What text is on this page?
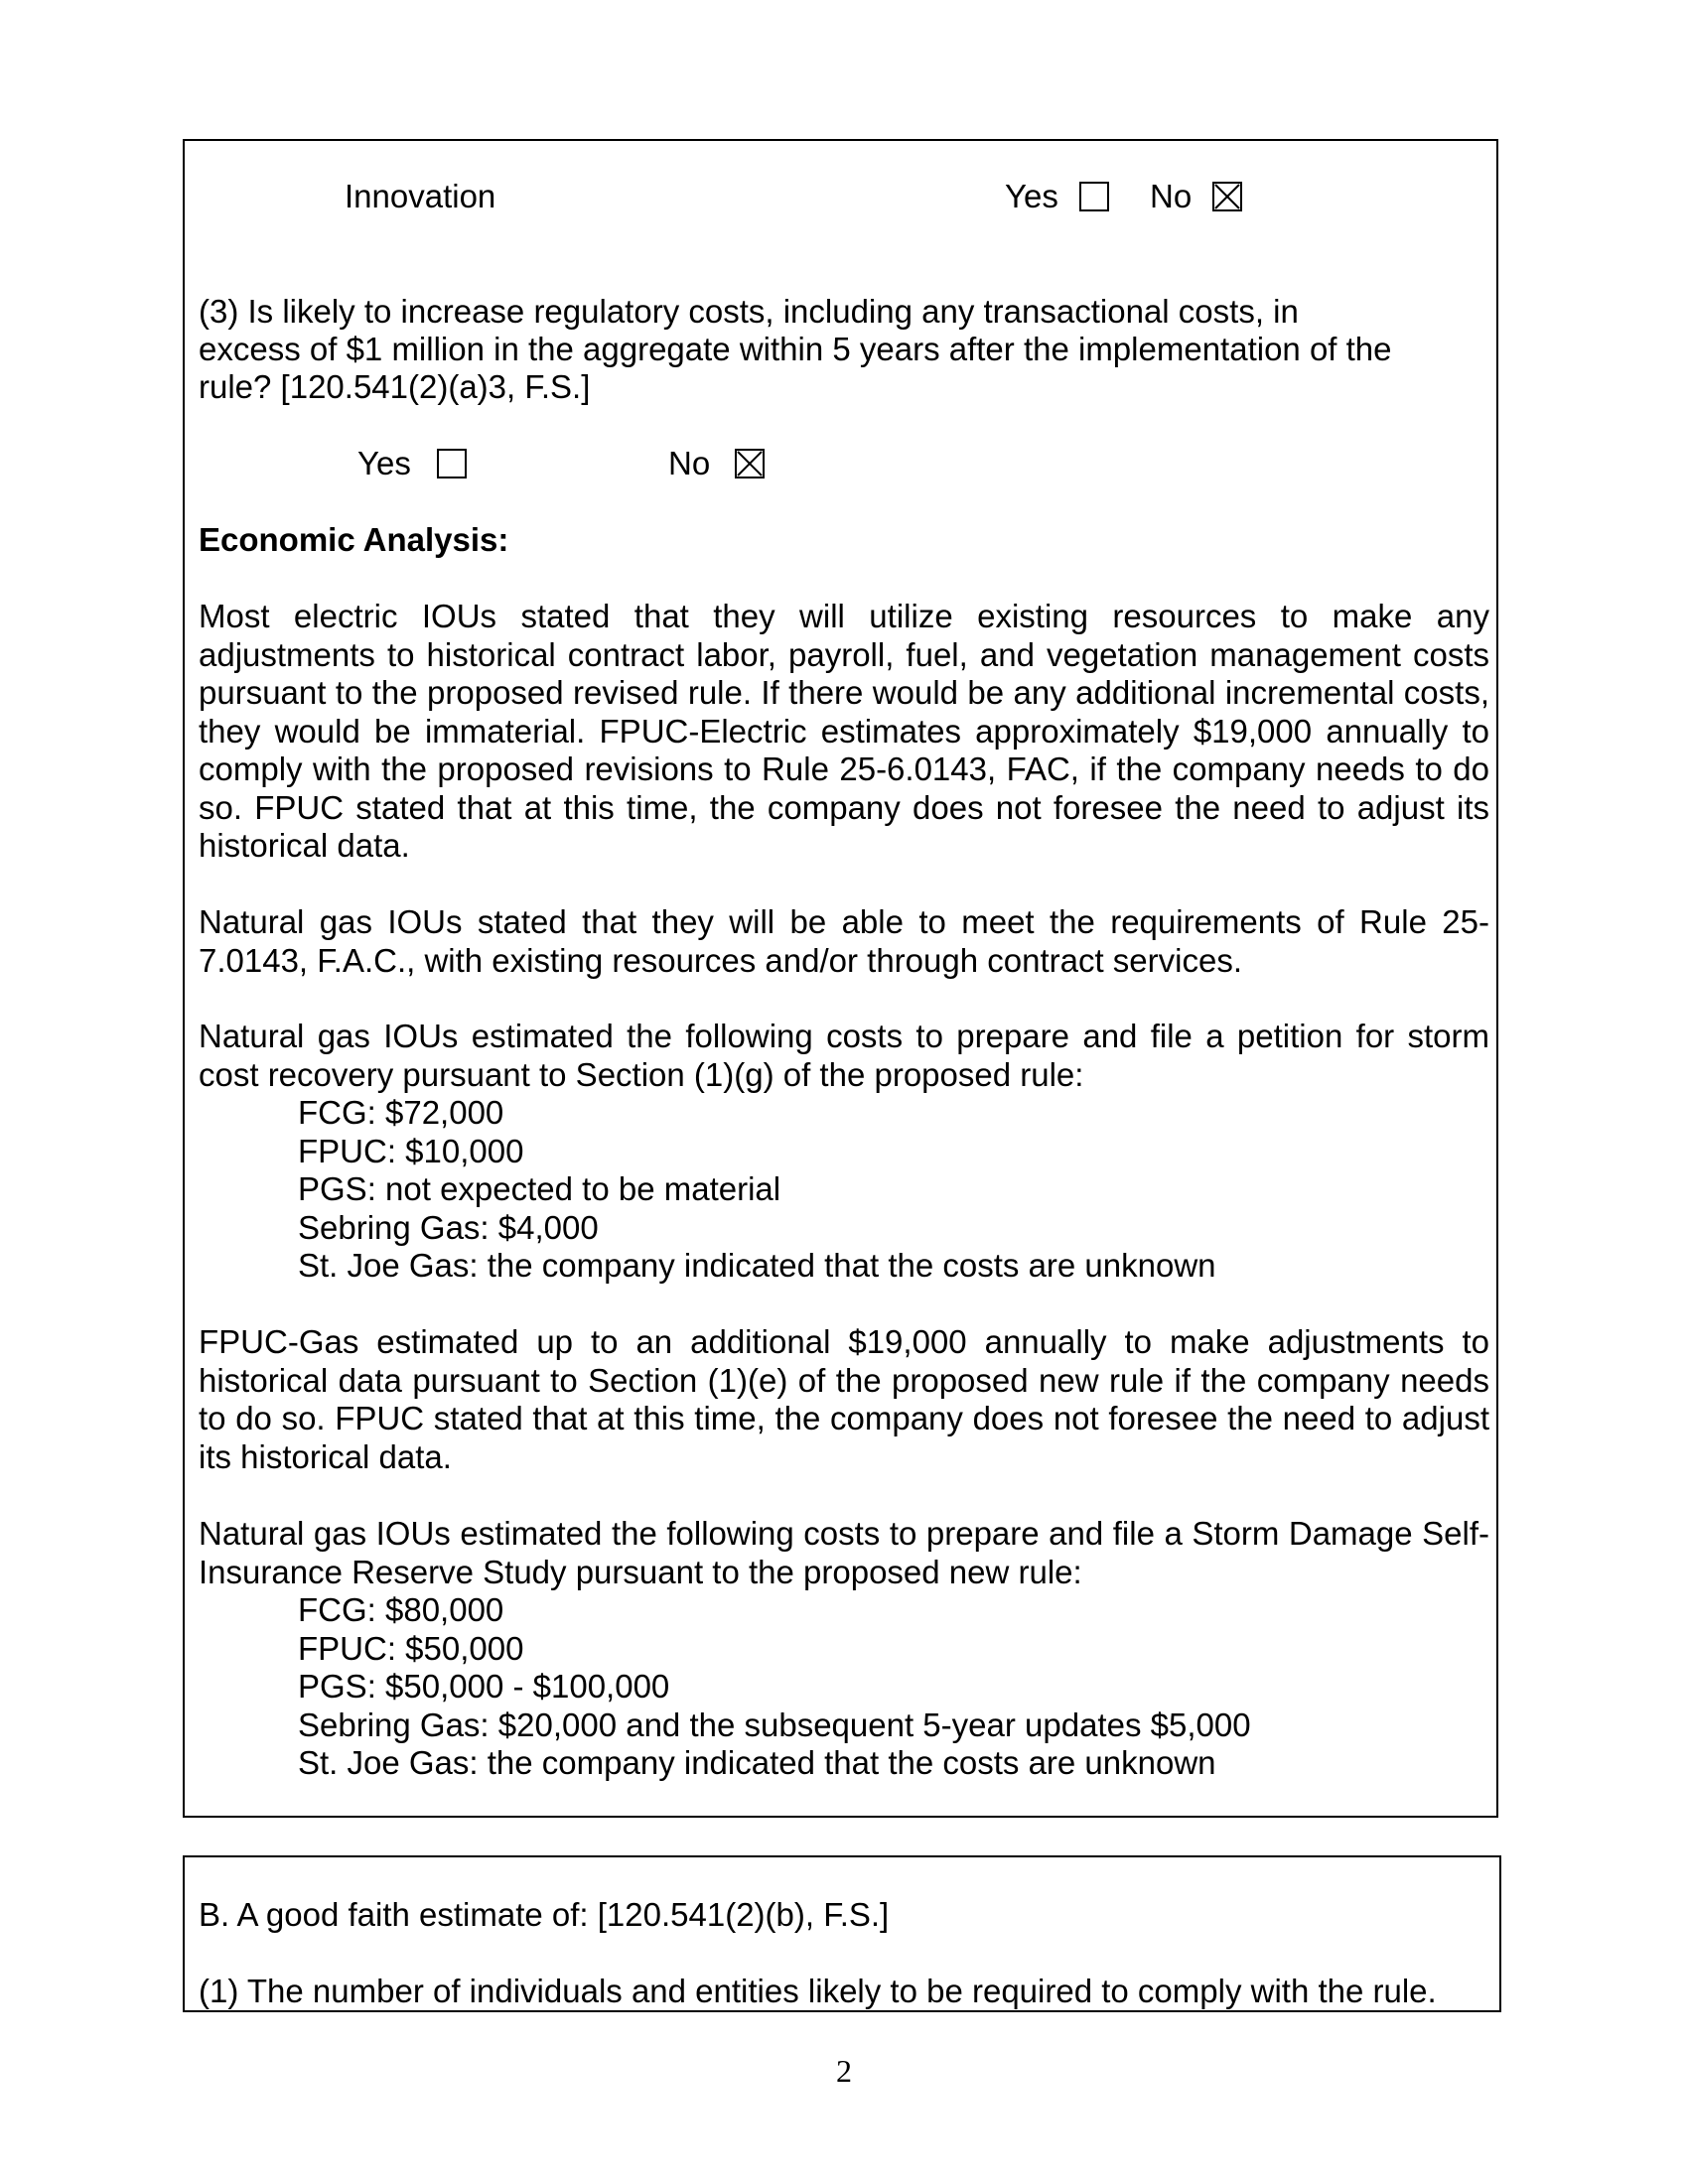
Innovation	Yes	No
(3) Is likely to increase regulatory costs, including any transactional costs, in
excess of $1 million in the aggregate within 5 years after the implementation of the
rule? [120.541(2)(a)3, F.S.]
Yes	No
Economic Analysis:

Most electric IOUs stated that they will utilize existing resources to make any adjustments to historical contract labor, payroll, fuel, and vegetation management costs pursuant to the proposed revised rule. If there would be any additional incremental costs, they would be immaterial. FPUC-Electric estimates approximately $19,000 annually to comply with the proposed revisions to Rule 25-6.0143, FAC, if the company needs to do so. FPUC stated that at this time, the company does not foresee the need to adjust its historical data.

Natural gas IOUs stated that they will be able to meet the requirements of Rule 25-7.0143, F.A.C., with existing resources and/or through contract services.

Natural gas IOUs estimated the following costs to prepare and file a petition for storm cost recovery pursuant to Section (1)(g) of the proposed rule:

FCG: $72,000
FPUC: $10,000
PGS: not expected to be material
Sebring Gas: $4,000
St. Joe Gas: the company indicated that the costs are unknown

FPUC-Gas estimated up to an additional $19,000 annually to make adjustments to historical data pursuant to Section (1)(e) of the proposed new rule if the company needs to do so. FPUC stated that at this time, the company does not foresee the need to adjust its historical data.

Natural gas IOUs estimated the following costs to prepare and file a Storm Damage Self-Insurance Reserve Study pursuant to the proposed new rule:

FCG: $80,000
FPUC: $50,000
PGS: $50,000 - $100,000
Sebring Gas: $20,000 and the subsequent 5-year updates $5,000
St. Joe Gas: the company indicated that the costs are unknown
B. A good faith estimate of: [120.541(2)(b), F.S.]
(1) The number of individuals and entities likely to be required to comply with the rule.
2
